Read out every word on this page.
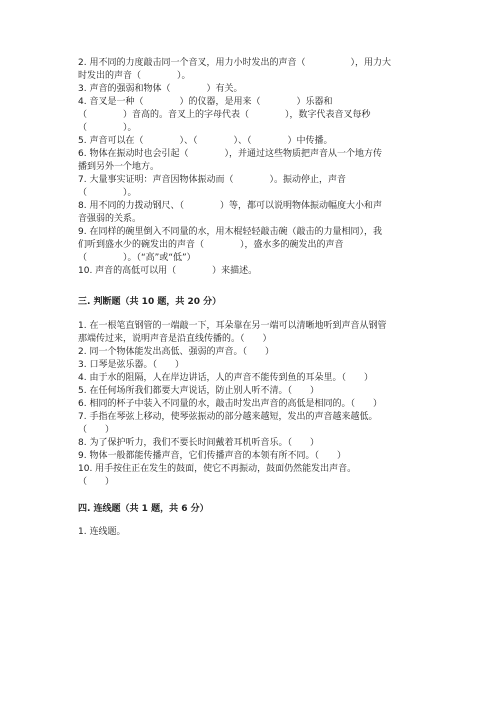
2. 用不同的力度敲击同一个音叉，用力小时发出的声音（　　　　　），用力大
时发出的声音（　　　　）。
3. 声音的强弱和物体（　　　　）有关。
4. 音叉是一种（　　　　）的仪器，是用来（　　　　）乐器和
（　　　　）音高的。音叉上的字母代表（　　　　），数字代表音叉每秒
（　　　　）。
5. 声音可以在（　　　　）、（　　　　）、（　　　　）中传播。
6. 物体在振动时也会引起（　　　　），并通过这些物质把声音从一个地方传
播到另外一个地方。
7. 大量事实证明：声音因物体振动而（　　　　）。振动停止，声音
（　　　　）。
8. 用不同的力拨动钢尺、（　　　　）等，都可以说明物体振动幅度大小和声
音强弱的关系。
9. 在同样的碗里倒入不同量的水，用木棍轻轻敲击碗（敲击的力量相同），我
们听到盛水少的碗发出的声音（　　　　），盛水多的碗发出的声音
（　　　　）。（“高”或“低”）
10. 声音的高低可以用（　　　　）来描述。
三. 判断题（共 10 题，共 20 分）
1. 在一根笔直钢管的一端敲一下，耳朵靠在另一端可以清晰地听到声音从钢管
那端传过来，说明声音是沿直线传播的。（　　）
2. 同一个物体能发出高低、强弱的声音。（　　）
3. 口琴是弦乐器。（　　）
4. 由于水的阻隔，人在岸边讲话，人的声音不能传到鱼的耳朵里。（　　）
5. 在任何场所我们都要大声说话，防止别人听不清。（　　）
6. 相同的杯子中装入不同量的水，敲击时发出声音的高低是相同的。（　　）
7. 手指在琴弦上移动，使琴弦振动的部分越来越短，发出的声音越来越低。
（　　）
8. 为了保护听力，我们不要长时间戴着耳机听音乐。（　　）
9. 物体一般都能传播声音，它们传播声音的本领有所不同。（　　）
10. 用手按住正在发生的鼓面，使它不再振动，鼓面仍然能发出声音。
（　　）
四. 连线题（共 1 题，共 6 分）
1. 连线题。
